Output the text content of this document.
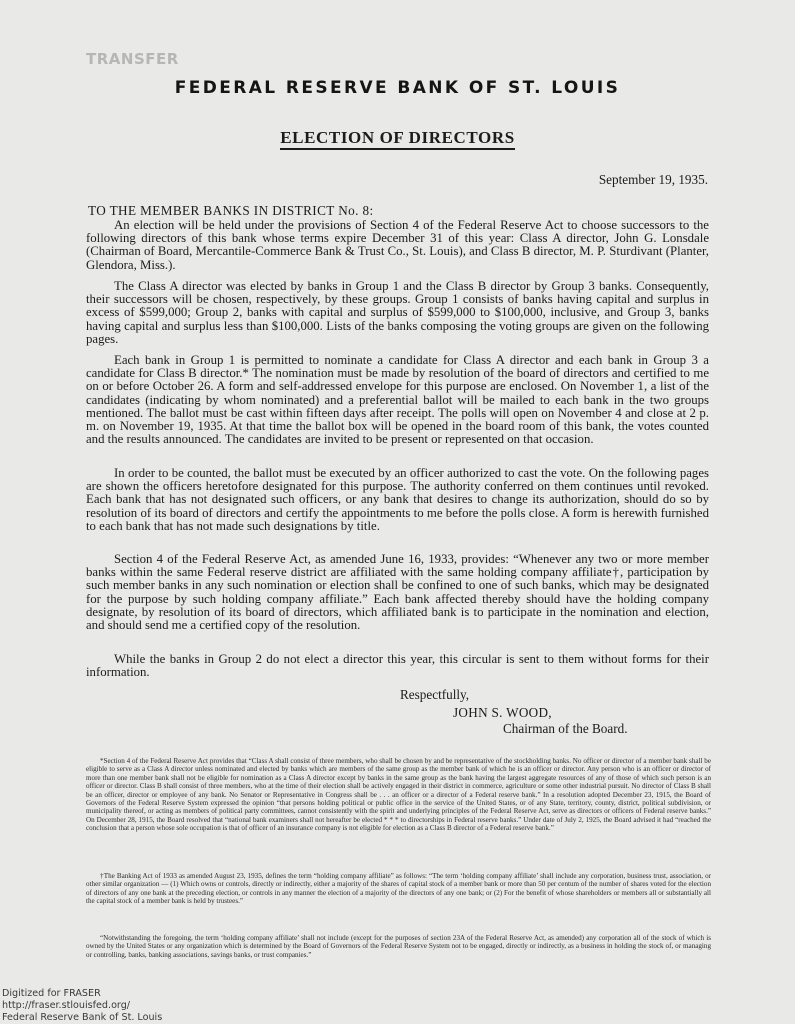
TRANSFER
FEDERAL RESERVE BANK OF ST. LOUIS
ELECTION OF DIRECTORS
September 19, 1935.
TO THE MEMBER BANKS IN DISTRICT No. 8:

An election will be held under the provisions of Section 4 of the Federal Reserve Act to choose successors to the following directors of this bank whose terms expire December 31 of this year: Class A director, John G. Lonsdale (Chairman of Board, Mercantile-Commerce Bank & Trust Co., St. Louis), and Class B director, M. P. Sturdivant (Planter, Glendora, Miss.).

The Class A director was elected by banks in Group 1 and the Class B director by Group 3 banks. Consequently, their successors will be chosen, respectively, by these groups. Group 1 consists of banks having capital and surplus in excess of $599,000; Group 2, banks with capital and surplus of $599,000 to $100,000, inclusive, and Group 3, banks having capital and surplus less than $100,000. Lists of the banks composing the voting groups are given on the following pages.

Each bank in Group 1 is permitted to nominate a candidate for Class A director and each bank in Group 3 a candidate for Class B director.* The nomination must be made by resolution of the board of directors and certified to me on or before October 26. A form and self-addressed envelope for this purpose are enclosed. On November 1, a list of the candidates (indicating by whom nominated) and a preferential ballot will be mailed to each bank in the two groups mentioned. The ballot must be cast within fifteen days after receipt. The polls will open on November 4 and close at 2 p. m. on November 19, 1935. At that time the ballot box will be opened in the board room of this bank, the votes counted and the results announced. The candidates are invited to be present or represented on that occasion.

In order to be counted, the ballot must be executed by an officer authorized to cast the vote. On the following pages are shown the officers heretofore designated for this purpose. The authority conferred on them continues until revoked. Each bank that has not designated such officers, or any bank that desires to change its authorization, should do so by resolution of its board of directors and certify the appointments to me before the polls close. A form is herewith furnished to each bank that has not made such designations by title.

Section 4 of the Federal Reserve Act, as amended June 16, 1933, provides: “Whenever any two or more member banks within the same Federal reserve district are affiliated with the same holding company affiliate†, participation by such member banks in any such nomination or election shall be confined to one of such banks, which may be designated for the purpose by such holding company affiliate.” Each bank affected thereby should have the holding company designate, by resolution of its board of directors, which affiliated bank is to participate in the nomination and election, and should send me a certified copy of the resolution.

While the banks in Group 2 do not elect a director this year, this circular is sent to them without forms for their information.

Respectfully,
JOHN S. WOOD,
Chairman of the Board.

*Section 4 of the Federal Reserve Act provides that “Class A shall consist of three members, who shall be chosen by and be representative of the stockholding banks. No officer or director of a member bank shall be eligible to serve as a Class A director unless nominated and elected by banks which are members of the same group as the member bank of which he is an officer or director. Any person who is an officer or director of more than one member bank shall not be eligible for nomination as a Class A director except by banks in the same group as the bank having the largest aggregate resources of any of those of which such person is an officer or director. Class B shall consist of three members, who at the time of their election shall be actively engaged in their district in commerce, agriculture or some other industrial pursuit. No director of Class B shall be an officer, director or employee of any bank. No Senator or Representative in Congress shall be . . . an officer or a director of a Federal reserve bank.” In a resolution adopted December 23, 1915, the Board of Governors of the Federal Reserve System expressed the opinion “that persons holding political or public office in the service of the United States, or of any State, territory, county, district, political subdivision, or municipality thereof, or acting as members of political party committees, cannot consistently with the spirit and underlying principles of the Federal Reserve Act, serve as directors or officers of Federal reserve banks.” On December 28, 1915, the Board resolved that “national bank examiners shall not hereafter be elected * * * to directorships in Federal reserve banks.” Under date of July 2, 1925, the Board advised it had “reached the conclusion that a person whose sole occupation is that of officer of an insurance company is not eligible for election as a Class B director of a Federal reserve bank.”

†The Banking Act of 1933 as amended August 23, 1935, defines the term “holding company affiliate” as follows: “The term ‘holding company affiliate’ shall include any corporation, business trust, association, or other similar organization — (1) Which owns or controls, directly or indirectly, either a majority of the shares of capital stock of a member bank or more than 50 per centum of the number of shares voted for the election of directors of any one bank at the preceding election, or controls in any manner the election of a majority of the directors of any one bank; or (2) For the benefit of whose shareholders or members all or substantially all the capital stock of a member bank is held by trustees.”

“Notwithstanding the foregoing, the term ‘holding company affiliate’ shall not include (except for the purposes of section 23A of the Federal Reserve Act, as amended) any corporation all of the stock of which is owned by the United States or any organization which is determined by the Board of Governors of the Federal Reserve System not to be engaged, directly or indirectly, as a business in holding the stock of, or managing or controlling, banks, banking associations, savings banks, or trust companies.”

Digitized for FRASER
http://fraser.stlouisfed.org/
Federal Reserve Bank of St. Louis
